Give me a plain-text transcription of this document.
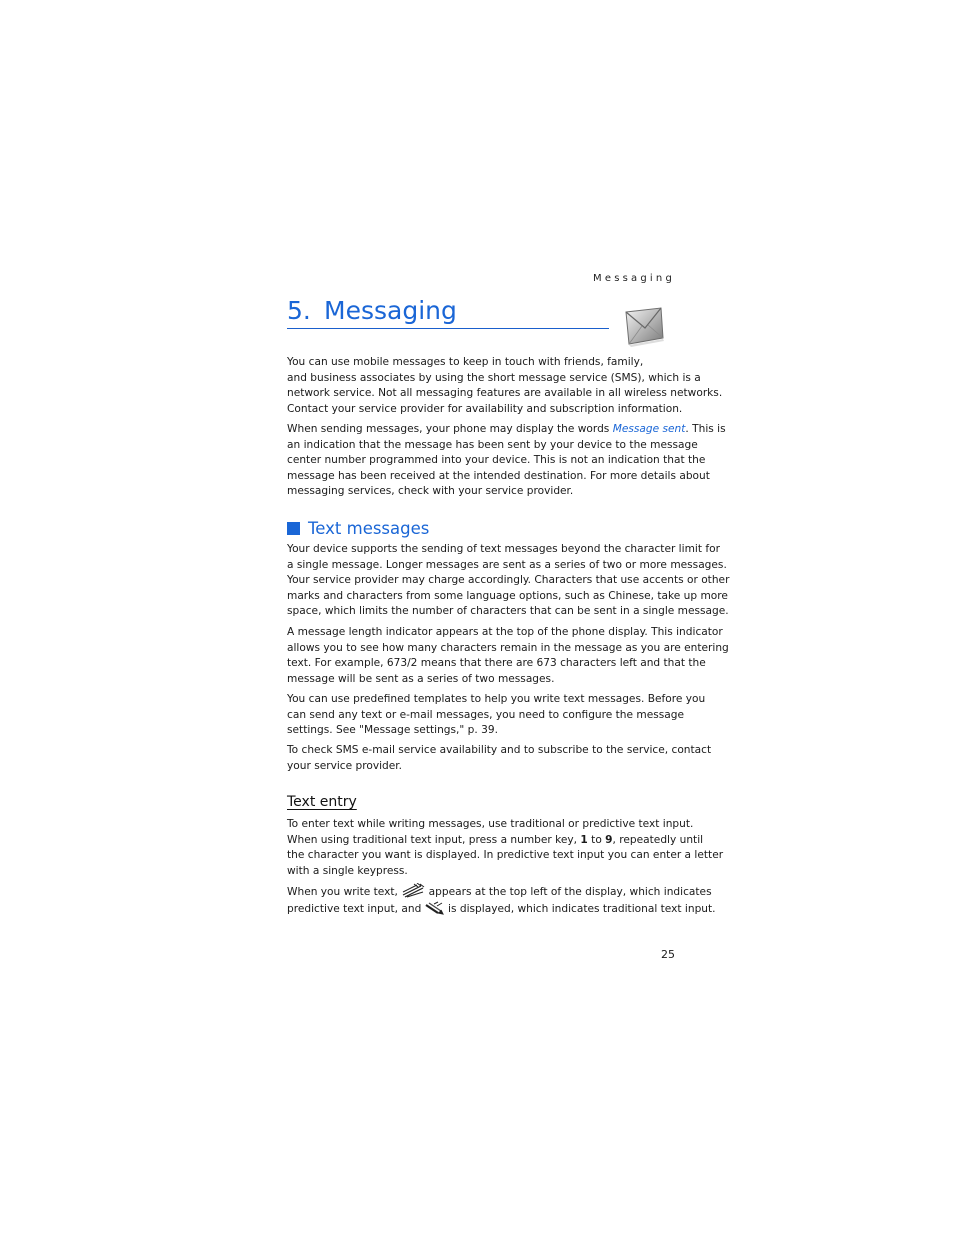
Messaging
5. Messaging
You can use mobile messages to keep in touch with friends, family,
and business associates by using the short message service (SMS), which is a
network service. Not all messaging features are available in all wireless networks.
Contact your service provider for availability and subscription information.
When sending messages, your phone may display the words Message sent. This is
an indication that the message has been sent by your device to the message
center number programmed into your device. This is not an indication that the
message has been received at the intended destination. For more details about
messaging services, check with your service provider.
Text messages
Your device supports the sending of text messages beyond the character limit for
a single message. Longer messages are sent as a series of two or more messages.
Your service provider may charge accordingly. Characters that use accents or other
marks and characters from some language options, such as Chinese, take up more
space, which limits the number of characters that can be sent in a single message.
A message length indicator appears at the top of the phone display. This indicator
allows you to see how many characters remain in the message as you are entering
text. For example, 673/2 means that there are 673 characters left and that the
message will be sent as a series of two messages.
You can use predefined templates to help you write text messages. Before you
can send any text or e-mail messages, you need to configure the message
settings. See "Message settings," p. 39.
To check SMS e-mail service availability and to subscribe to the service, contact
your service provider.
Text entry
To enter text while writing messages, use traditional or predictive text input.
When using traditional text input, press a number key, 1 to 9, repeatedly until
the character you want is displayed. In predictive text input you can enter a letter
with a single keypress.
When you write text,  appears at the top left of the display, which indicates
predictive text input, and  is displayed, which indicates traditional text input.
25
